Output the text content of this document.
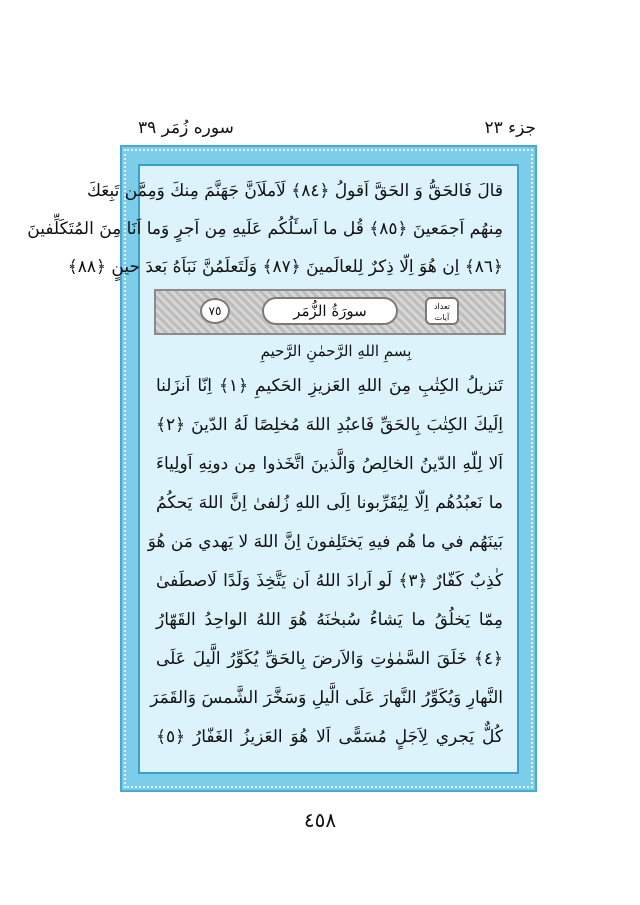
جزء ٢٣
سوره زُمَر ٣٩
قالَ فَالحَقُّ وَ الحَقَّ اَقولُ ﴿٨٤﴾ لَاَملَاَنَّ جَهَنَّمَ مِنكَ وَمِمَّن تَبِعَكَ
مِنهُم اَجمَعينَ ﴿٨٥﴾ قُل ما اَسـَٔلُكُم عَلَيهِ مِن اَجرٍ وَما اَنَا مِنَ المُتَكَلِّفينَ
﴿٨٦﴾ اِن هُوَ اِلّا ذِكرٌ لِلعالَمينَ ﴿٨٧﴾ وَلَتَعلَمُنَّ نَبَاَهُ بَعدَ حينٍ ﴿٨٨﴾
تعداد آیات
سورَةُ الزُّمَر
٧٥
بِسمِ اللهِ الرَّحمٰنِ الرَّحيمِ
تَنزيلُ الكِتٰبِ مِنَ اللهِ العَزيزِ الحَكيمِ ﴿١﴾ اِنّا اَنزَلنا
اِلَيكَ الكِتٰبَ بِالحَقِّ فَاعبُدِ اللهَ مُخلِصًا لَهُ الدّينَ ﴿٢﴾
اَلا لِلّهِ الدّينُ الخالِصُ وَالَّذينَ اتَّخَذوا مِن دونِهِ اَولِياءَ
ما نَعبُدُهُم اِلّا لِيُقَرِّبونا اِلَى اللهِ زُلفىٰ اِنَّ اللهَ يَحكُمُ
بَينَهُم في ما هُم فيهِ يَختَلِفونَ اِنَّ اللهَ لا يَهدي مَن هُوَ
كٰذِبٌ كَفّارٌ ﴿٣﴾ لَو اَرادَ اللهُ اَن يَتَّخِذَ وَلَدًا لَاصطَفىٰ
مِمّا يَخلُقُ ما يَشاءُ سُبحٰنَهُ هُوَ اللهُ الواحِدُ القَهّارُ
﴿٤﴾ خَلَقَ السَّمٰوٰتِ وَالاَرضَ بِالحَقِّ يُكَوِّرُ الَّيلَ عَلَى
النَّهارِ وَيُكَوِّرُ النَّهارَ عَلَى الَّيلِ وَسَخَّرَ الشَّمسَ وَالقَمَرَ
كُلٌّ يَجري لِاَجَلٍ مُسَمًّى اَلا هُوَ العَزيزُ الغَفّارُ ﴿٥﴾
٤٥٨
